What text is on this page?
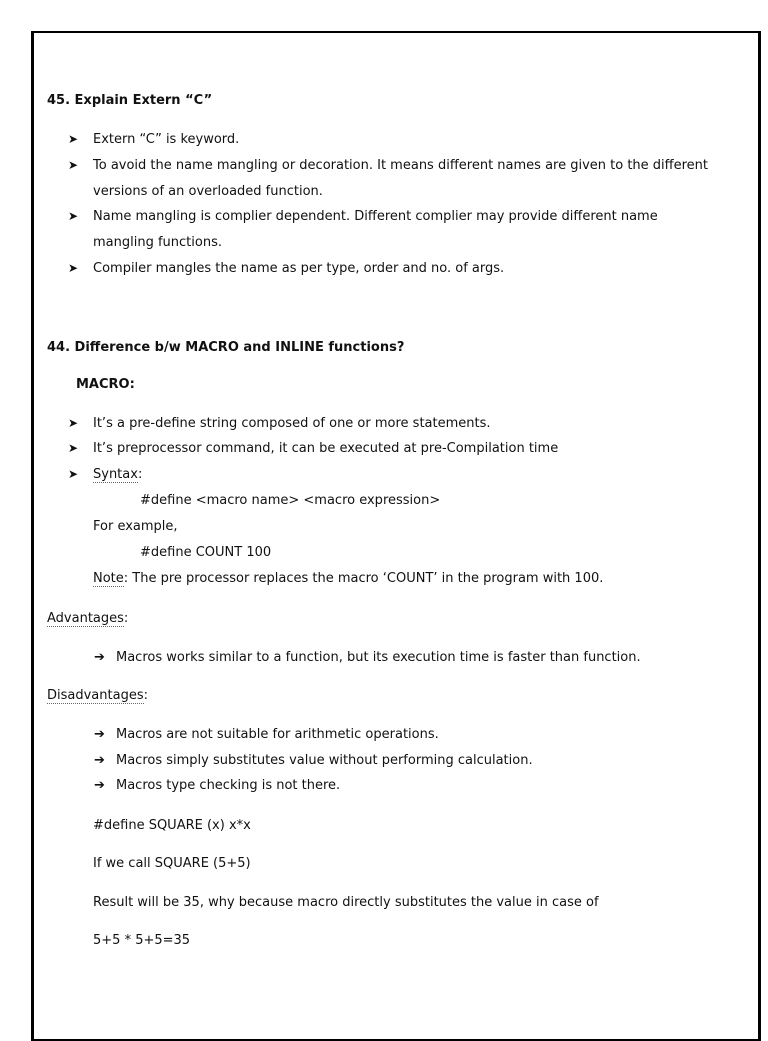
45. Explain Extern “C”
➤ Extern “C” is keyword.
➤ To avoid the name mangling or decoration. It means different names are given to the different versions of an overloaded function.
➤ Name mangling is complier dependent. Different complier may provide different name mangling functions.
➤ Compiler mangles the name as per type, order and no. of args.
44. Difference b/w MACRO and INLINE functions?
MACRO:
➤ It’s a pre-define string composed of one or more statements.
➤ It’s preprocessor command, it can be executed at pre-Compilation time
➤ Syntax:
#define <macro name> <macro expression>
For example,
#define COUNT 100
Note: The pre processor replaces the macro ‘COUNT’ in the program with 100.
Advantages:
➔ Macros works similar to a function, but its execution time is faster than function.
Disadvantages:
➔ Macros are not suitable for arithmetic operations.
➔ Macros simply substitutes value without performing calculation.
➔ Macros type checking is not there.
#define SQUARE (x) x*x
If we call SQUARE (5+5)
Result will be 35, why because macro directly substitutes the value in case of
5+5 * 5+5=35
